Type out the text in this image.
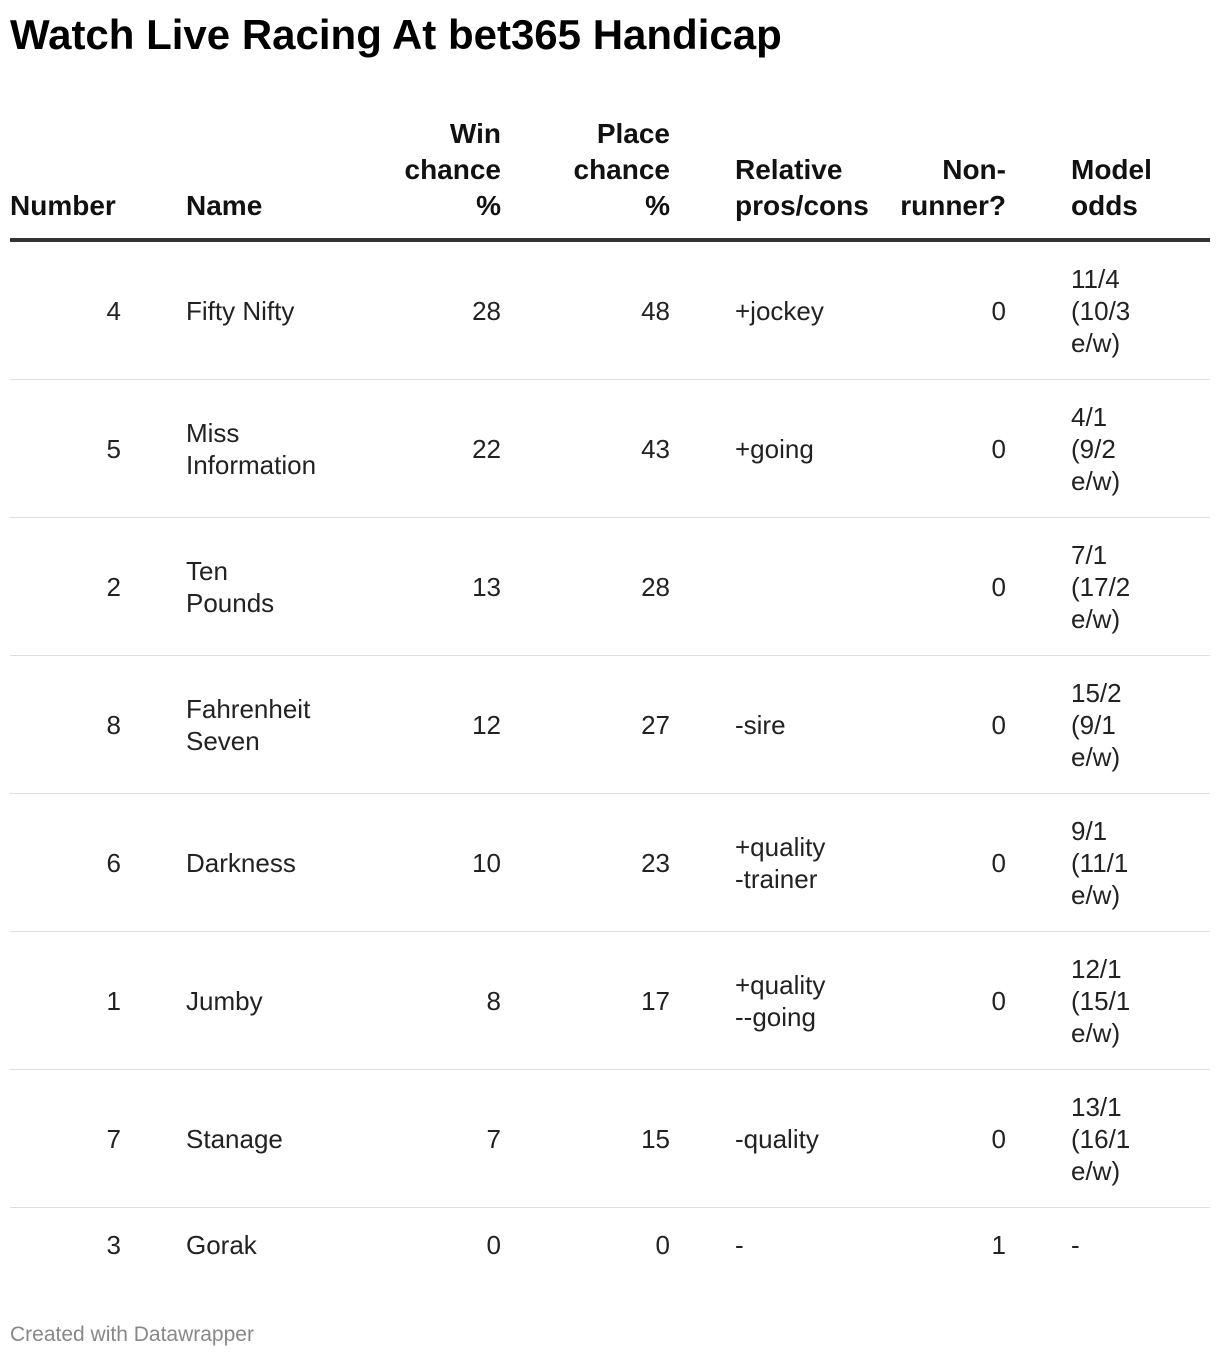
Watch Live Racing At bet365 Handicap
Number	Name	Win
chance
%	Place
chance
%	Relative
pros/cons	Non-
runner?	Model
odds
4	Fifty Nifty	28	48	+jockey	0	11/4
(10/3
e/w)
5	Miss
Information	22	43	+going	0	4/1
(9/2
e/w)
2	Ten
Pounds	13	28		0	7/1
(17/2
e/w)
8	Fahrenheit
Seven	12	27	-sire	0	15/2
(9/1
e/w)
6	Darkness	10	23	+quality
-trainer	0	9/1
(11/1
e/w)
1	Jumby	8	17	+quality
--going	0	12/1
(15/1
e/w)
7	Stanage	7	15	-quality	0	13/1
(16/1
e/w)
3	Gorak	0	0	-	1	-
Created with Datawrapper
